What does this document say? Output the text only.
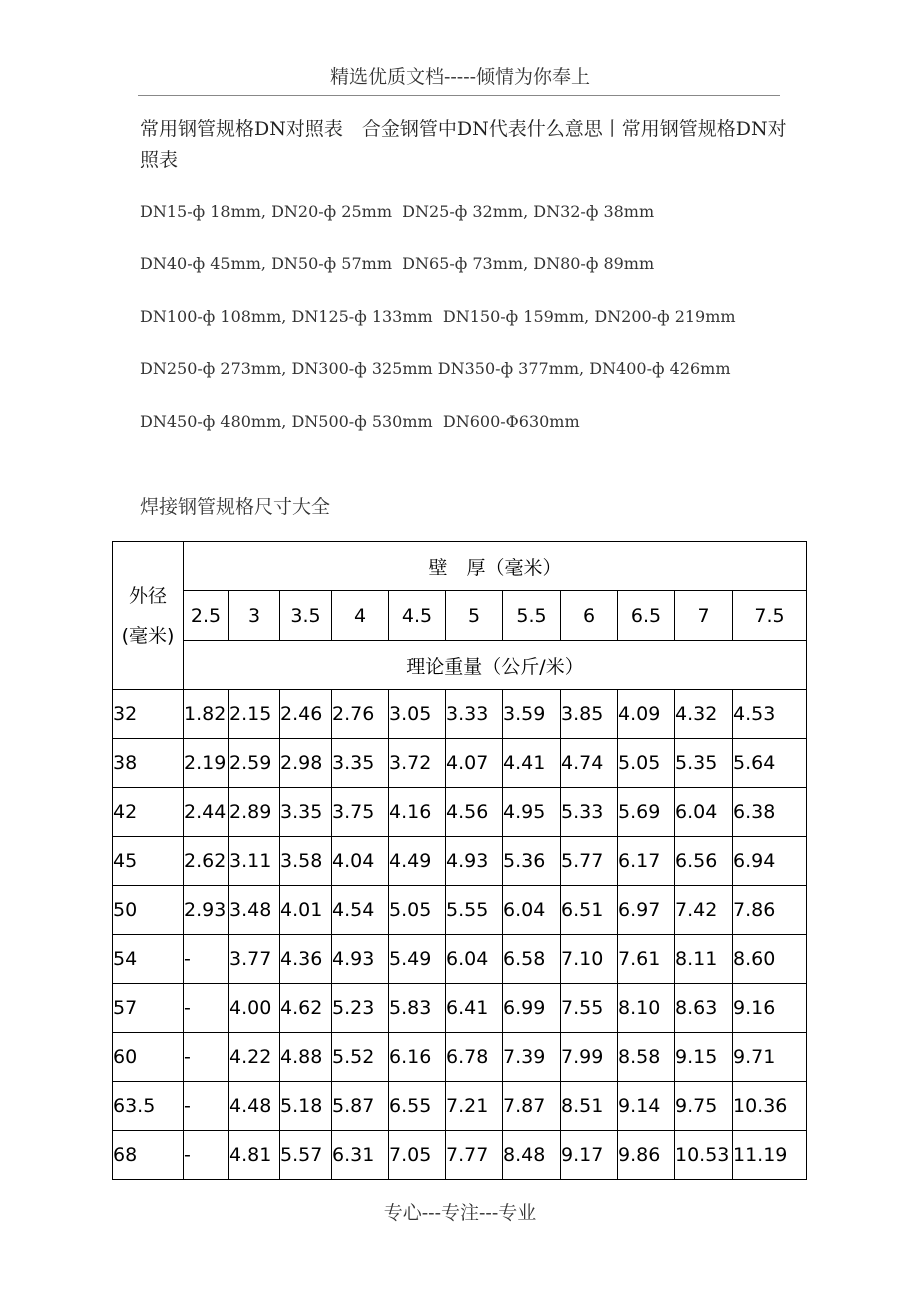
精选优质文档-----倾情为你奉上
常用钢管规格DN对照表　合金钢管中DN代表什么意思丨常用钢管规格DN对照表
DN15-ф 18mm, DN20-ф 25mm  DN25-ф 32mm, DN32-ф 38mm
DN40-ф 45mm, DN50-ф 57mm  DN65-ф 73mm, DN80-ф 89mm
DN100-ф 108mm, DN125-ф 133mm  DN150-ф 159mm, DN200-ф 219mm
DN250-ф 273mm, DN300-ф 325mm DN350-ф 377mm, DN400-ф 426mm
DN450-ф 480mm, DN500-ф 530mm  DN600-Φ630mm
焊接钢管规格尺寸大全
外径
(毫米)	壁　厚（毫米）										
	2.5	3	3.5	4	4.5	5	5.5	6	6.5	7	7.5
	理论重量（公斤/米）										
32	1.82	2.15	2.46	2.76	3.05	3.33	3.59	3.85	4.09	4.32	4.53
38	2.19	2.59	2.98	3.35	3.72	4.07	4.41	4.74	5.05	5.35	5.64
42	2.44	2.89	3.35	3.75	4.16	4.56	4.95	5.33	5.69	6.04	6.38
45	2.62	3.11	3.58	4.04	4.49	4.93	5.36	5.77	6.17	6.56	6.94
50	2.93	3.48	4.01	4.54	5.05	5.55	6.04	6.51	6.97	7.42	7.86
54	-	3.77	4.36	4.93	5.49	6.04	6.58	7.10	7.61	8.11	8.60
57	-	4.00	4.62	5.23	5.83	6.41	6.99	7.55	8.10	8.63	9.16
60	-	4.22	4.88	5.52	6.16	6.78	7.39	7.99	8.58	9.15	9.71
63.5	-	4.48	5.18	5.87	6.55	7.21	7.87	8.51	9.14	9.75	10.36
68	-	4.81	5.57	6.31	7.05	7.77	8.48	9.17	9.86	10.53	11.19
专心---专注---专业
